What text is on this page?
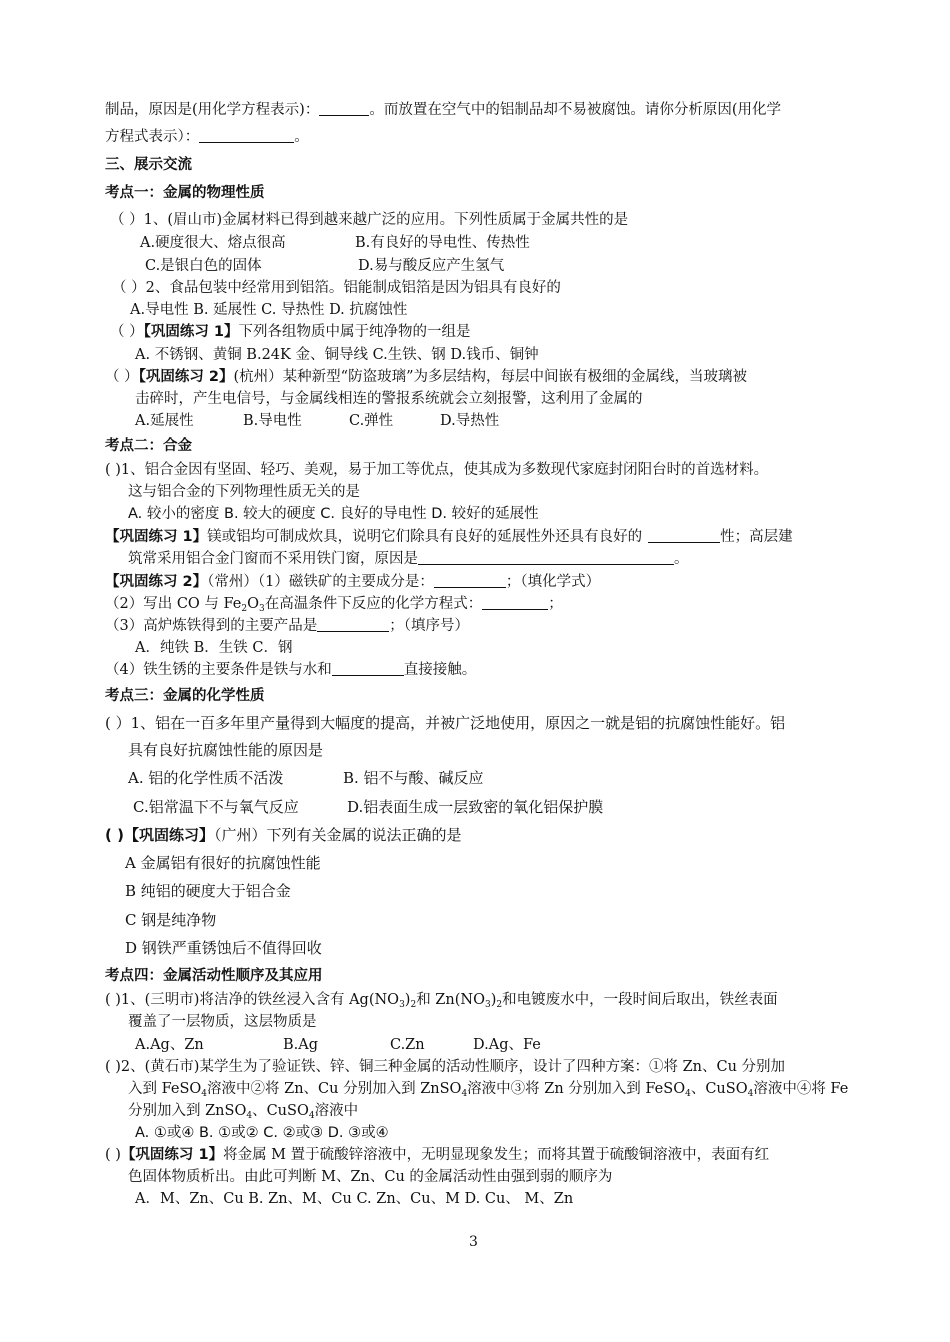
制品，原因是(用化学方程表示)：	。而放置在空气中的铝制品却不易被腐蚀。请你分析原因(用化学
方程式表示）：	。
三、展示交流
考点一：金属的物理性质
（ ）1、(眉山市)金属材料已得到越来越广泛的应用。下列性质属于金属共性的是
A.硬度很大、熔点很高	B.有良好的导电性、传热性
C.是银白色的固体	D.易与酸反应产生氢气
（ ）2、食品包装中经常用到铝箔。铝能制成铝箔是因为铝具有良好的
A.导电性 B. 延展性 C. 导热性 D. 抗腐蚀性
（ ）【巩固练习 1】下列各组物质中属于纯净物的一组是
A. 不锈钢、黄铜 B.24K 金、铜导线 C.生铁、钢 D.钱币、铜钟
（ ）【巩固练习 2】(杭州）某种新型“防盗玻璃”为多层结构，每层中间嵌有极细的金属线，当玻璃被
击碎时，产生电信号，与金属线相连的警报系统就会立刻报警，这利用了金属的
A.延展性	B.导电性	C.弹性	D.导热性
考点二：合金
( )1、铝合金因有坚固、轻巧、美观，易于加工等优点，使其成为多数现代家庭封闭阳台时的首选材料。
这与铝合金的下列物理性质无关的是
A. 较小的密度 B. 较大的硬度 C. 良好的导电性 D. 较好的延展性
【巩固练习 1】镁或铝均可制成炊具，说明它们除具有良好的延展性外还具有良好的	性；高层建
筑常采用铝合金门窗而不采用铁门窗，原因是	。
【巩固练习 2】（常州）（1）磁铁矿的主要成分是：	；（填化学式）
（2）写出 CO 与 $Fe_2O_3$在高温条件下反应的化学方程式：	；
（3）高炉炼铁得到的主要产品是	；（填序号）
A．纯铁 B．生铁 C．钢
（4）铁生锈的主要条件是铁与水和	直接接触。
考点三：金属的化学性质
( ）1、铝在一百多年里产量得到大幅度的提高，并被广泛地使用，原因之一就是铝的抗腐蚀性能好。铝
具有良好抗腐蚀性能的原因是
A. 铝的化学性质不活泼	B. 铝不与酸、碱反应
C.铝常温下不与氧气反应	D.铝表面生成一层致密的氧化铝保护膜
( )【巩固练习】（广州）下列有关金属的说法正确的是
A 金属铝有很好的抗腐蚀性能
B 纯铝的硬度大于铝合金
C 钢是纯净物
D 钢铁严重锈蚀后不值得回收
考点四：金属活动性顺序及其应用
( )1、(三明市)将洁净的铁丝浸入含有 $Ag(NO_3)_2$和 $Zn(NO_3)_2$和电镀废水中，一段时间后取出，铁丝表面
覆盖了一层物质，这层物质是
A.Ag、Zn	B.Ag	C.Zn	D.Ag、Fe
( )2、(黄石市)某学生为了验证铁、锌、铜三种金属的活动性顺序，设计了四种方案：①将 Zn、Cu 分别加
入到 FeSO$_4$溶液中②将 Zn、Cu 分别加入到 ZnSO$_4$溶液中③将 Zn 分别加入到 FeSO$_4$、CuSO$_4$溶液中④将 Fe
分别加入到 ZnSO$_4$、CuSO$_4$溶液中
A. ①或④ B. ①或② C. ②或③ D. ③或④
( )【巩固练习 1】将金属 M 置于硫酸锌溶液中，无明显现象发生；而将其置于硫酸铜溶液中，表面有红
色固体物质析出。由此可判断 M、Zn、Cu 的金属活动性由强到弱的顺序为
A．M、Zn、Cu B. Zn、M、Cu C. Zn、Cu、M D. Cu、 M、Zn
3
